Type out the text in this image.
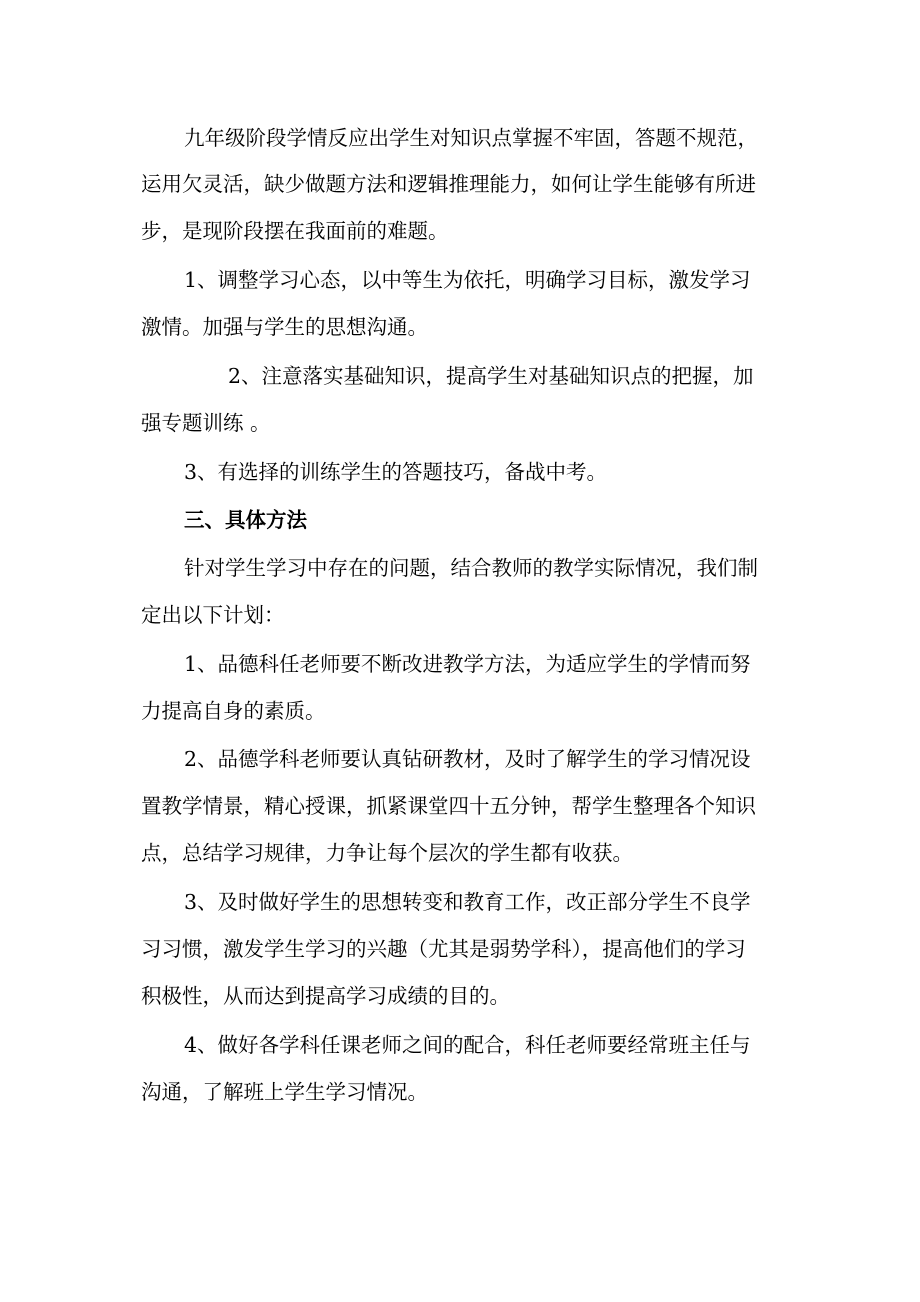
九年级阶段学情反应出学生对知识点掌握不牢固，答题不规范，

运用欠灵活，缺少做题方法和逻辑推理能力，如何让学生能够有所进

步，是现阶段摆在我面前的难题。

1、调整学习心态，以中等生为依托，明确学习目标，激发学习

激情。加强与学生的思想沟通。

2、注意落实基础知识，提高学生对基础知识点的把握，加

强专题训练 。

3、有选择的训练学生的答题技巧，备战中考。

三、具体方法

针对学生学习中存在的问题，结合教师的教学实际情况，我们制

定出以下计划：

1、品德科任老师要不断改进教学方法，为适应学生的学情而努

力提高自身的素质。

2、品德学科老师要认真钻研教材，及时了解学生的学习情况设

置教学情景，精心授课，抓紧课堂四十五分钟，帮学生整理各个知识

点，总结学习规律，力争让每个层次的学生都有收获。

3、及时做好学生的思想转变和教育工作，改正部分学生不良学

习习惯，激发学生学习的兴趣（尤其是弱势学科），提高他们的学习

积极性，从而达到提高学习成绩的目的。

4、做好各学科任课老师之间的配合，科任老师要经常班主任与

沟通，了解班上学生学习情况。
